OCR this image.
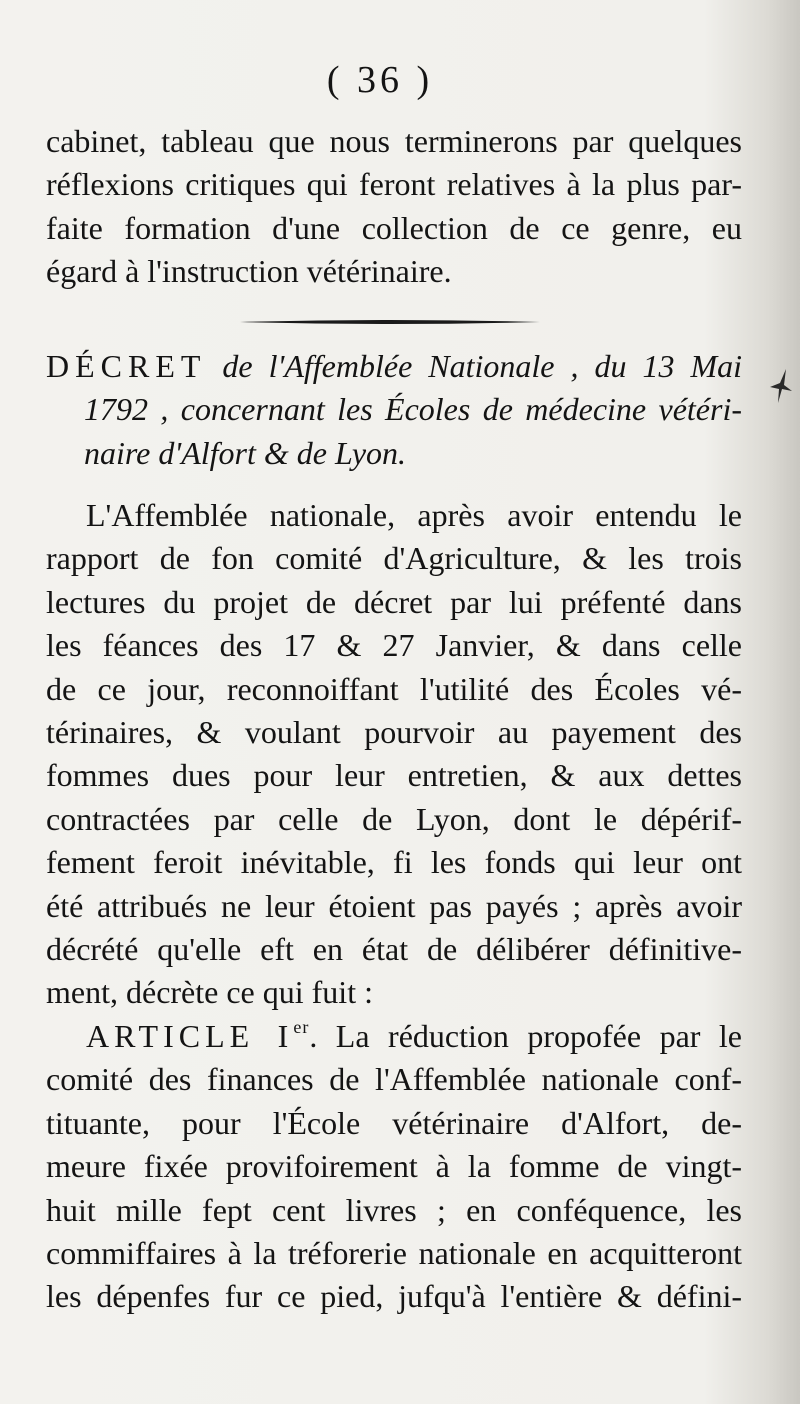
( 36 )
cabinet, tableau que nous terminerons par quelques
réflexions critiques qui feront relatives à la plus par-
faite formation d'une collection de ce genre, eu
égard à l'instruction vétérinaire.
DÉCRET de l'Affemblée Nationale , du 13 Mai
1792 , concernant les Écoles de médecine vétéri-
naire d'Alfort & de Lyon.
L'Affemblée nationale, après avoir entendu le
rapport de fon comité d'Agriculture, & les trois
lectures du projet de décret par lui préfenté dans
les féances des 17 & 27 Janvier, & dans celle
de ce jour, reconnoiffant l'utilité des Écoles vé-
térinaires, & voulant pourvoir au payement des
fommes dues pour leur entretien, & aux dettes
contractées par celle de Lyon, dont le dépérif-
fement feroit inévitable, fi les fonds qui leur ont
été attribués ne leur étoient pas payés ; après avoir
décrété qu'elle eft en état de délibérer définitive-
ment, décrète ce qui fuit :
ARTICLE Ier. La réduction propofée par le
comité des finances de l'Affemblée nationale conf-
tituante, pour l'École vétérinaire d'Alfort, de-
meure fixée provifoirement à la fomme de vingt-
huit mille fept cent livres ; en conféquence, les
commiffaires à la tréforerie nationale en acquitteront
les dépenfes fur ce pied, jufqu'à l'entière & défini-
